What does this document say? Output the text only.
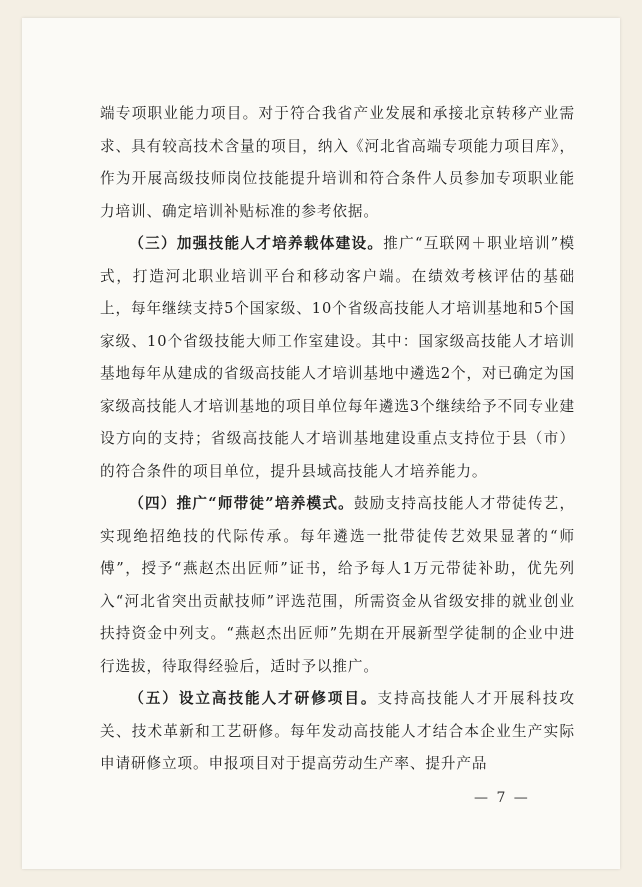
端专项职业能力项目。对于符合我省产业发展和承接北京转移产业需求、具有较高技术含量的项目，纳入《河北省高端专项能力项目库》，作为开展高级技师岗位技能提升培训和符合条件人员参加专项职业能力培训、确定培训补贴标准的参考依据。

（三）加强技能人才培养载体建设。推广“互联网＋职业培训”模式，打造河北职业培训平台和移动客户端。在绩效考核评估的基础上，每年继续支持5个国家级、10个省级高技能人才培训基地和5个国家级、10个省级技能大师工作室建设。其中：国家级高技能人才培训基地每年从建成的省级高技能人才培训基地中遴选2个，对已确定为国家级高技能人才培训基地的项目单位每年遴选3个继续给予不同专业建设方向的支持；省级高技能人才培训基地建设重点支持位于县（市）的符合条件的项目单位，提升县域高技能人才培养能力。

（四）推广“师带徒”培养模式。鼓励支持高技能人才带徒传艺，实现绝招绝技的代际传承。每年遴选一批带徒传艺效果显著的“师傅”，授予“燕赵杰出匠师”证书，给予每人1万元带徒补助，优先列入“河北省突出贡献技师”评选范围，所需资金从省级安排的就业创业扶持资金中列支。“燕赵杰出匠师”先期在开展新型学徒制的企业中进行选拔，待取得经验后，适时予以推广。

（五）设立高技能人才研修项目。支持高技能人才开展科技攻关、技术革新和工艺研修。每年发动高技能人才结合本企业生产实际申请研修立项。申报项目对于提高劳动生产率、提升产品

— 7 —
